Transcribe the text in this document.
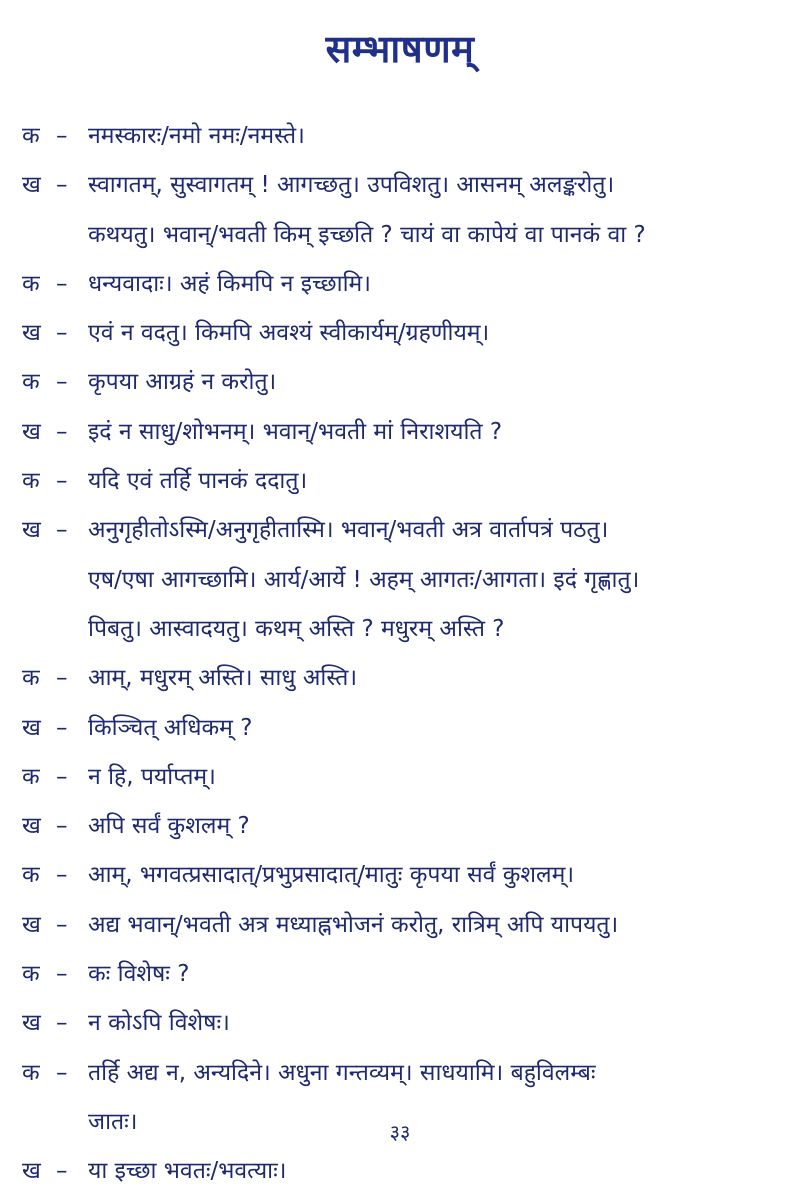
सम्भाषणम्
क – नमस्कारः/नमो नमः/नमस्ते।
ख – स्वागतम्, सुस्वागतम् ! आगच्छतु। उपविशतु। आसनम् अलङ्करोतु।
कथयतु। भवान्/भवती किम् इच्छति ? चायं वा कापेयं वा पानकं वा ?
क – धन्यवादाः। अहं किमपि न इच्छामि।
ख – एवं न वदतु। किमपि अवश्यं स्वीकार्यम्/ग्रहणीयम्।
क – कृपया आग्रहं न करोतु।
ख – इदं न साधु/शोभनम्। भवान्/भवती मां निराशयति ?
क – यदि एवं तर्हि पानकं ददातु।
ख – अनुगृहीतोऽस्मि/अनुगृहीतास्मि। भवान्/भवती अत्र वार्तापत्रं पठतु।
एष/एषा आगच्छामि। आर्य/आर्ये ! अहम् आगतः/आगता। इदं गृह्णातु।
पिबतु। आस्वादयतु। कथम् अस्ति ? मधुरम् अस्ति ?
क – आम्, मधुरम् अस्ति। साधु अस्ति।
ख – किञ्चित् अधिकम् ?
क – न हि, पर्याप्तम्।
ख – अपि सर्वं कुशलम् ?
क – आम्, भगवत्प्रसादात्/प्रभुप्रसादात्/मातुः कृपया सर्वं कुशलम्।
ख – अद्य भवान्/भवती अत्र मध्याह्नभोजनं करोतु, रात्रिम् अपि यापयतु।
क – कः विशेषः ?
ख – न कोऽपि विशेषः।
क – तर्हि अद्य न, अन्यदिने। अधुना गन्तव्यम्। साधयामि। बहुविलम्बः
जातः।
ख – या इच्छा भवतः/भवत्याः।
३३
